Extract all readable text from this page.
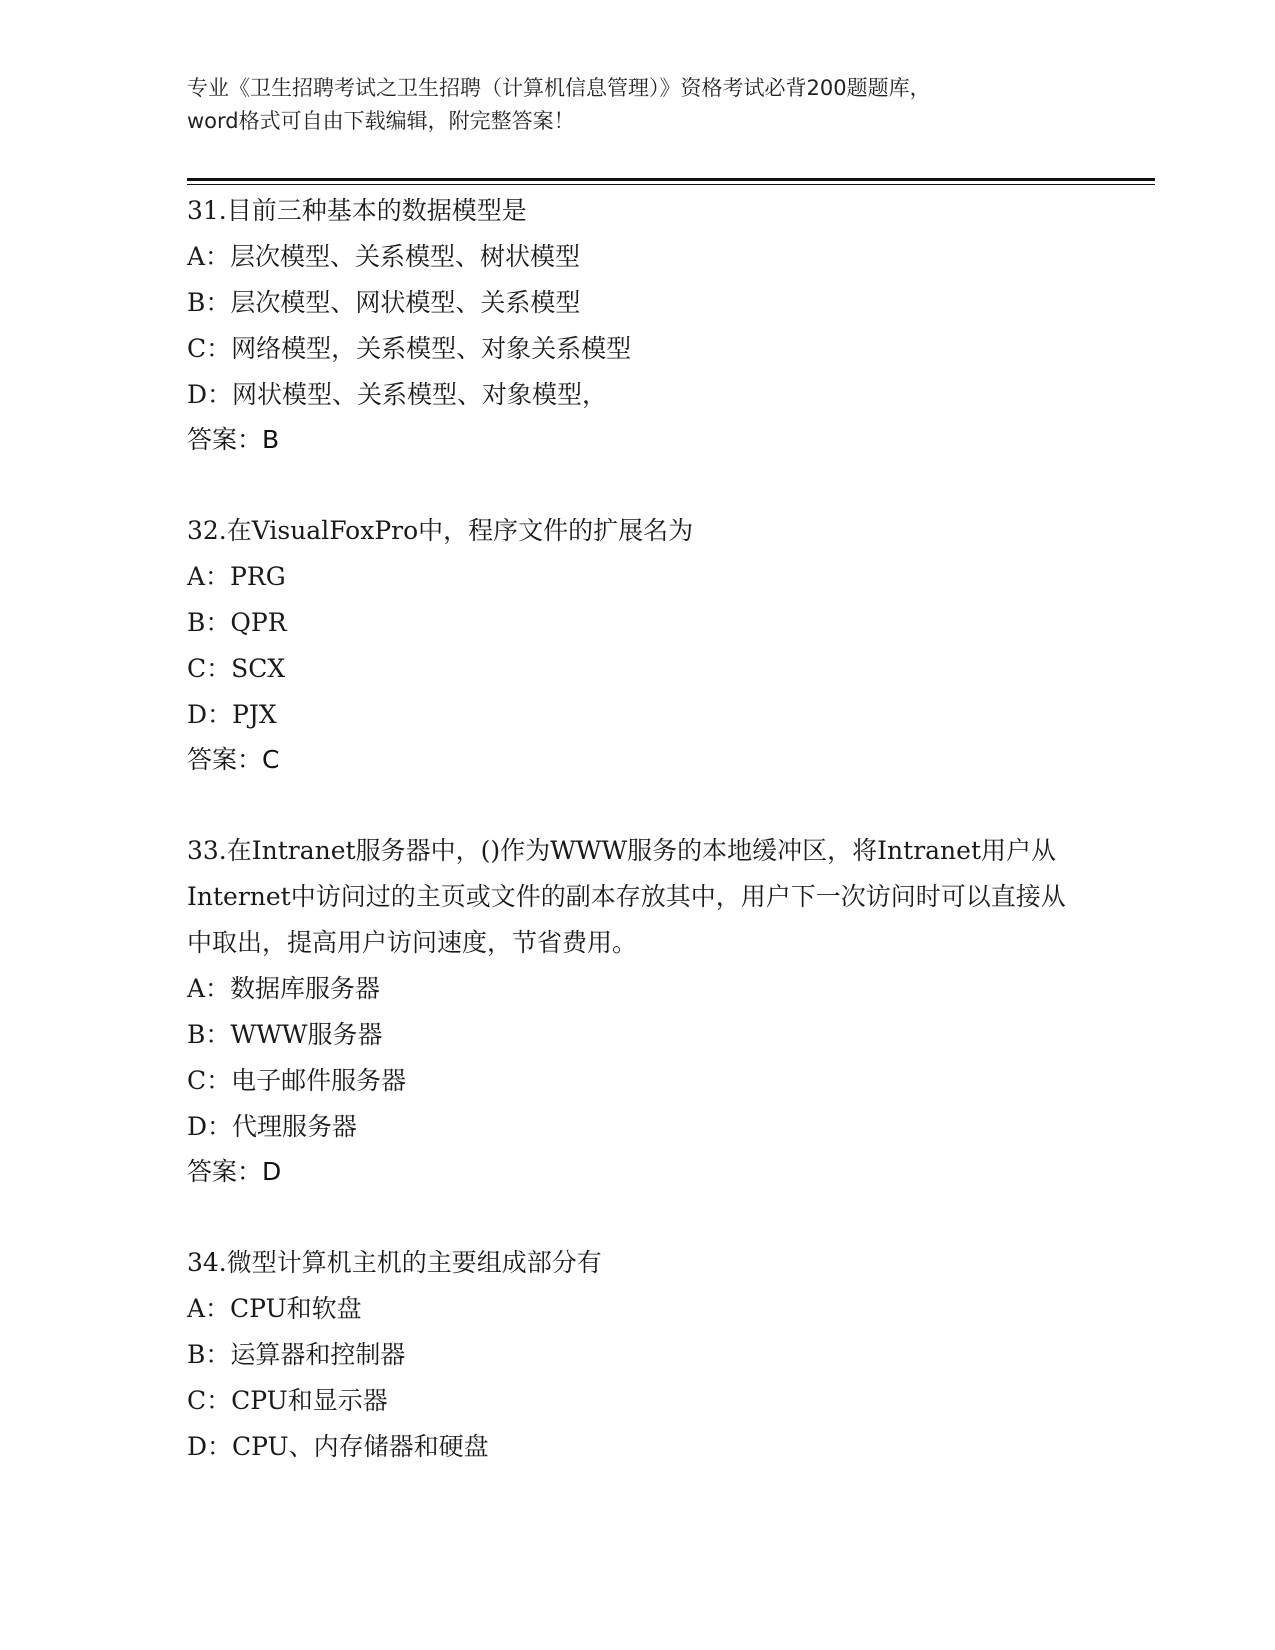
专业《卫生招聘考试之卫生招聘（计算机信息管理）》资格考试必背200题题库，
word格式可自由下载编辑，附完整答案！
31.目前三种基本的数据模型是
A：层次模型、关系模型、树状模型
B：层次模型、网状模型、关系模型
C：网络模型，关系模型、对象关系模型
D：网状模型、关系模型、对象模型，
答案：B
32.在VisualFoxPro中，程序文件的扩展名为
A：PRG
B：QPR
C：SCX
D：PJX
答案：C
33.在Intranet服务器中，()作为WWW服务的本地缓冲区，将Intranet用户从Internet中访问过的主页或文件的副本存放其中，用户下一次访问时可以直接从中取出，提高用户访问速度，节省费用。
A：数据库服务器
B：WWW服务器
C：电子邮件服务器
D：代理服务器
答案：D
34.微型计算机主机的主要组成部分有
A：CPU和软盘
B：运算器和控制器
C：CPU和显示器
D：CPU、内存储器和硬盘
